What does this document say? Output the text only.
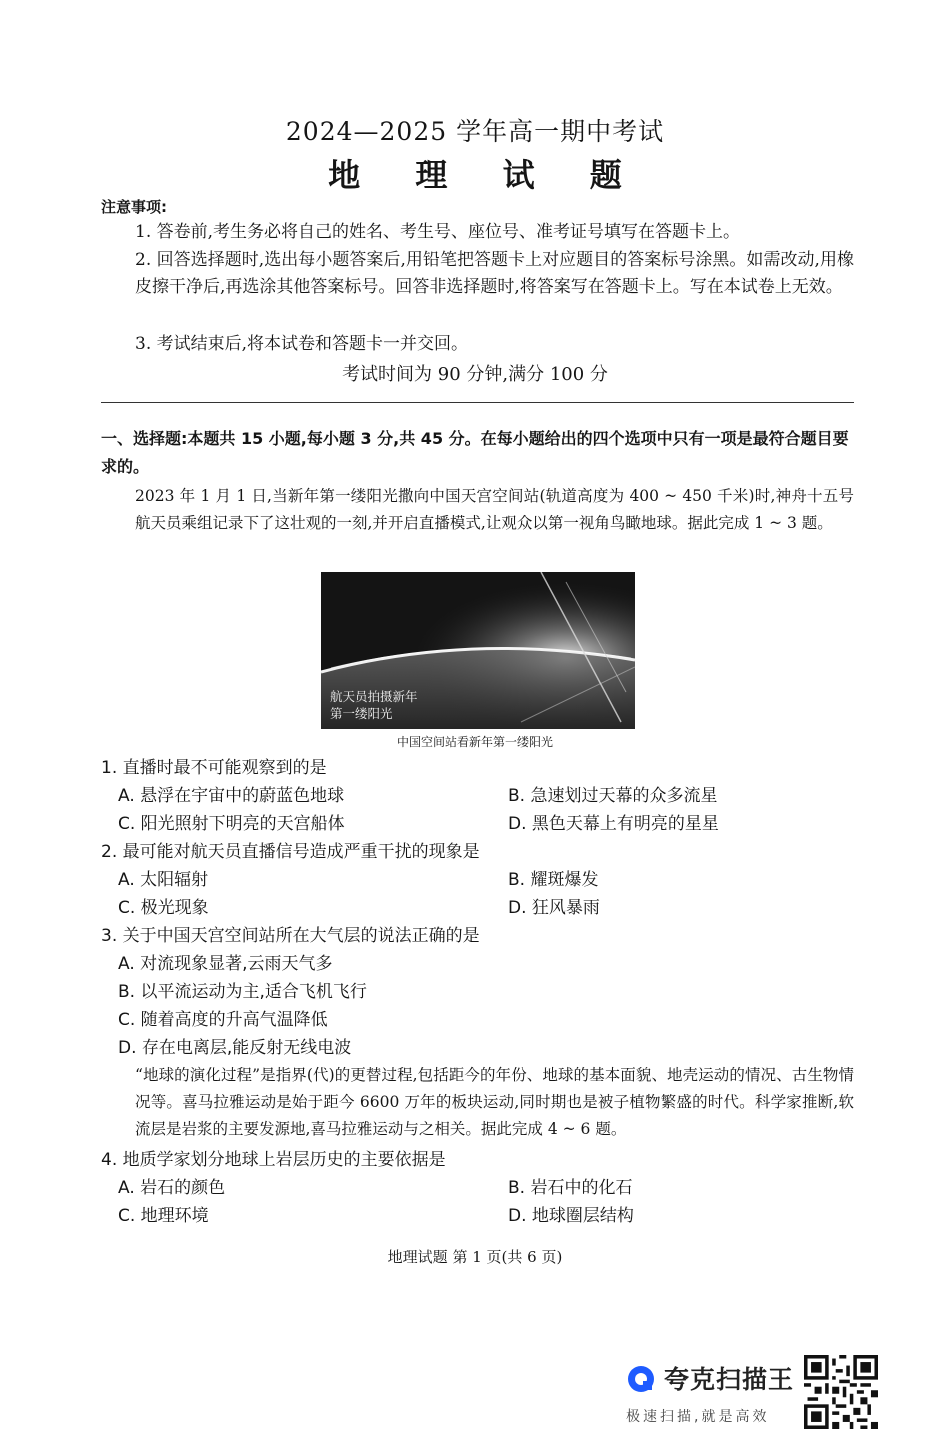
2024—2025 学年高一期中考试
地 理 试 题
注意事项:
1. 答卷前,考生务必将自己的姓名、考生号、座位号、准考证号填写在答题卡上。
2. 回答选择题时,选出每小题答案后,用铅笔把答题卡上对应题目的答案标号涂黑。如需改动,用橡皮擦干净后,再选涂其他答案标号。回答非选择题时,将答案写在答题卡上。写在本试卷上无效。
3. 考试结束后,将本试卷和答题卡一并交回。
考试时间为 90 分钟,满分 100 分
一、选择题:本题共 15 小题,每小题 3 分,共 45 分。在每小题给出的四个选项中只有一项是最符合题目要求的。
2023 年 1 月 1 日,当新年第一缕阳光撒向中国天宫空间站(轨道高度为 400 ~ 450 千米)时,神舟十五号航天员乘组记录下了这壮观的一刻,并开启直播模式,让观众以第一视角鸟瞰地球。据此完成 1 ~ 3 题。
航天员拍摄新年
第一缕阳光
中国空间站看新年第一缕阳光
1. 直播时最不可能观察到的是
A. 悬浮在宇宙中的蔚蓝色地球	B. 急速划过天幕的众多流星
C. 阳光照射下明亮的天宫船体	D. 黑色天幕上有明亮的星星
2. 最可能对航天员直播信号造成严重干扰的现象是
A. 太阳辐射	B. 耀斑爆发
C. 极光现象	D. 狂风暴雨
3. 关于中国天宫空间站所在大气层的说法正确的是
A. 对流现象显著,云雨天气多
B. 以平流运动为主,适合飞机飞行
C. 随着高度的升高气温降低
D. 存在电离层,能反射无线电波
“地球的演化过程”是指界(代)的更替过程,包括距今的年份、地球的基本面貌、地壳运动的情况、古生物情况等。喜马拉雅运动是始于距今 6600 万年的板块运动,同时期也是被子植物繁盛的时代。科学家推断,软流层是岩浆的主要发源地,喜马拉雅运动与之相关。据此完成 4 ~ 6 题。
4. 地质学家划分地球上岩层历史的主要依据是
A. 岩石的颜色	B. 岩石中的化石
C. 地理环境	D. 地球圈层结构
地理试题 第 1 页(共 6 页)
夸克扫描王
极速扫描,就是高效
